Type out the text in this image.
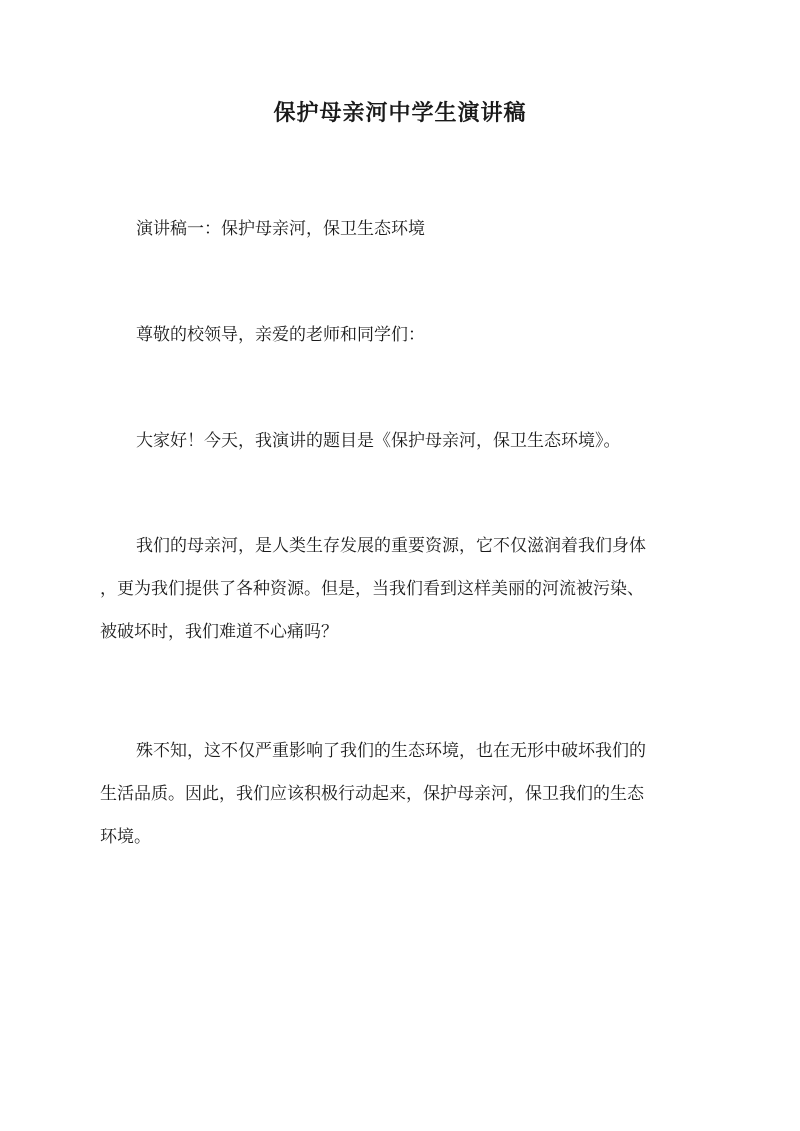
保护母亲河中学生演讲稿

演讲稿一：保护母亲河，保卫生态环境

尊敬的校领导，亲爱的老师和同学们：

大家好！今天，我演讲的题目是《保护母亲河，保卫生态环境》。

我们的母亲河，是人类生存发展的重要资源，它不仅滋润着我们身体
，更为我们提供了各种资源。但是，当我们看到这样美丽的河流被污染、
被破坏时，我们难道不心痛吗？

殊不知，这不仅严重影响了我们的生态环境，也在无形中破坏我们的
生活品质。因此，我们应该积极行动起来，保护母亲河，保卫我们的生态
环境。
